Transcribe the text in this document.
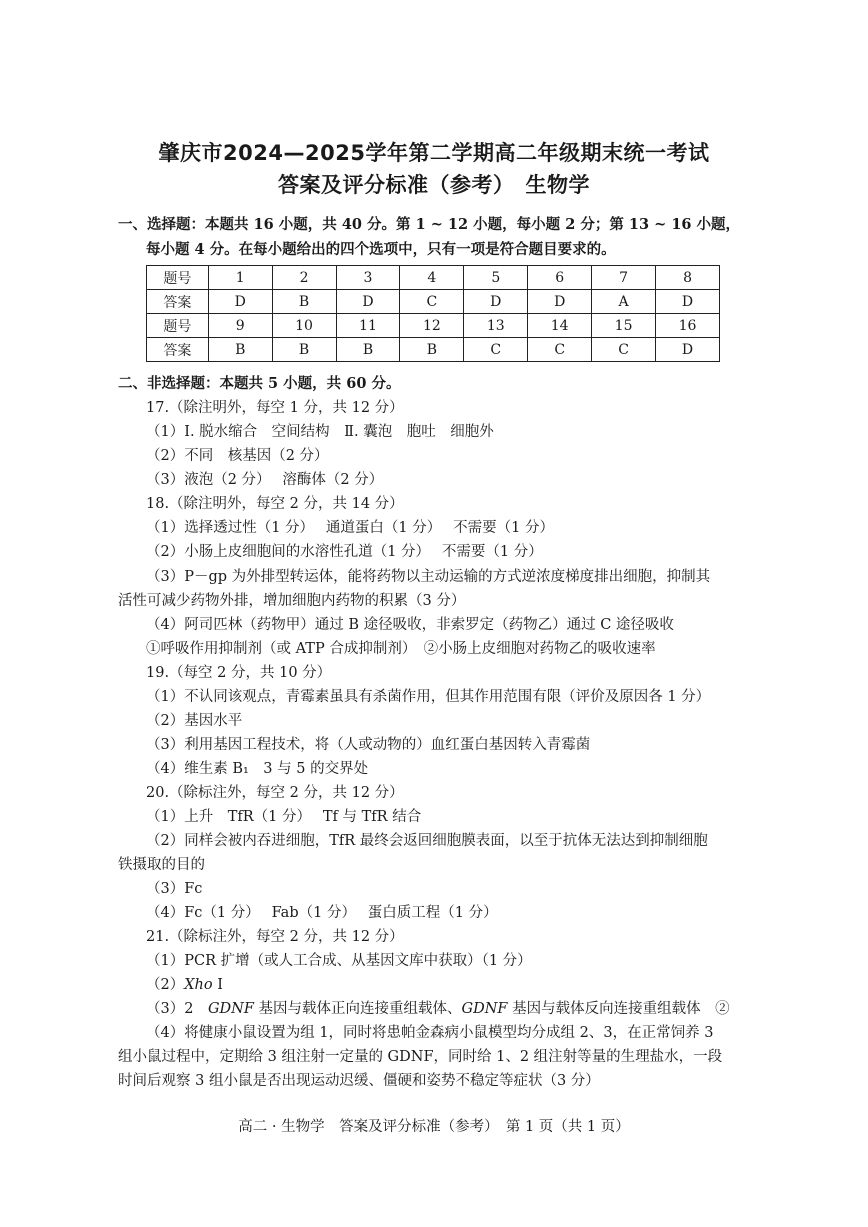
肇庆市2024—2025学年第二学期高二年级期末统一考试
答案及评分标准（参考）　生物学
一、选择题：本题共 16 小题，共 40 分。第 1 ~ 12 小题，每小题 2 分；第 13 ~ 16 小题，
每小题 4 分。在每小题给出的四个选项中，只有一项是符合题目要求的。
题号	1	2	3	4	5	6	7	8
答案	D	B	D	C	D	D	A	D
题号	9	10	11	12	13	14	15	16
答案	B	B	B	B	C	C	C	D
二、非选择题：本题共 5 小题，共 60 分。
17.（除注明外，每空 1 分，共 12 分）
（1）Ⅰ. 脱水缩合　空间结构　Ⅱ. 囊泡　胞吐　细胞外
（2）不同　核基因（2 分）
（3）液泡（2 分）　 溶酶体（2 分）
18.（除注明外，每空 2 分，共 14 分）
（1）选择透过性（1 分）　 通道蛋白（1 分）　 不需要（1 分）
（2）小肠上皮细胞间的水溶性孔道（1 分）　 不需要（1 分）
（3）P－gp 为外排型转运体，能将药物以主动运输的方式逆浓度梯度排出细胞，抑制其
活性可减少药物外排，增加细胞内药物的积累（3 分）
（4）阿司匹林（药物甲）通过 B 途径吸收，非索罗定（药物乙）通过 C 途径吸收
①呼吸作用抑制剂（或 ATP 合成抑制剂）　②小肠上皮细胞对药物乙的吸收速率
19.（每空 2 分，共 10 分）
（1）不认同该观点，青霉素虽具有杀菌作用，但其作用范围有限（评价及原因各 1 分）
（2）基因水平
（3）利用基因工程技术，将（人或动物的）血红蛋白基因转入青霉菌
（4）维生素 B₁　3 与 5 的交界处
20.（除标注外，每空 2 分，共 12 分）
（1）上升　TfR（1 分）　 Tf 与 TfR 结合
（2）同样会被内吞进细胞，TfR 最终会返回细胞膜表面，以至于抗体无法达到抑制细胞
铁摄取的目的
（3）Fc
（4）Fc（1 分）　 Fab（1 分）　 蛋白质工程（1 分）
21.（除标注外，每空 2 分，共 12 分）
（1）PCR 扩增（或人工合成、从基因文库中获取）（1 分）
（2）Xho Ⅰ
（3）2　GDNF 基因与载体正向连接重组载体、GDNF 基因与载体反向连接重组载体　②
（4）将健康小鼠设置为组 1，同时将患帕金森病小鼠模型均分成组 2、3，在正常饲养 3
组小鼠过程中，定期给 3 组注射一定量的 GDNF，同时给 1、2 组注射等量的生理盐水，一段
时间后观察 3 组小鼠是否出现运动迟缓、僵硬和姿势不稳定等症状（3 分）
高二 · 生物学　答案及评分标准（参考）　第 1 页（共 1 页）
